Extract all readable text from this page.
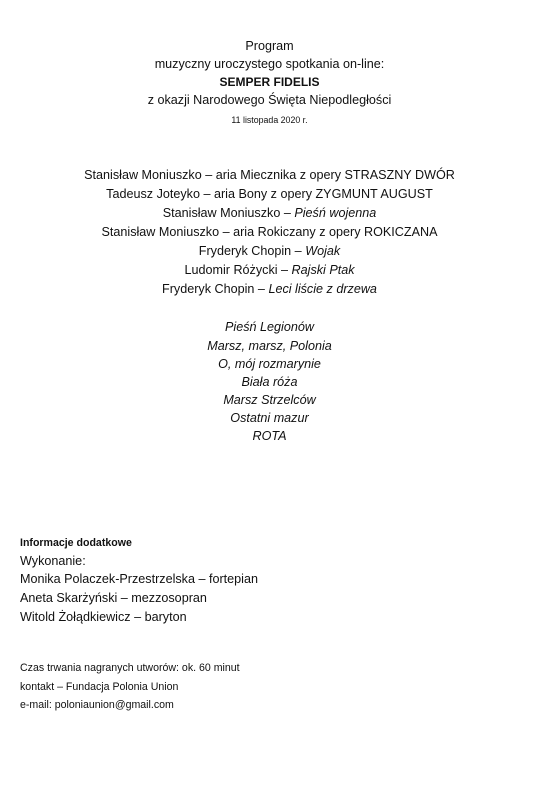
Program
muzyczny uroczystego spotkania on-line:
SEMPER FIDELIS
z okazji Narodowego Święta Niepodległości
11 listopada 2020 r.
Stanisław Moniuszko – aria Miecznika z opery STRASZNY DWÓR
Tadeusz Joteyko – aria Bony z opery ZYGMUNT AUGUST
Stanisław Moniuszko – Pieśń wojenna
Stanisław Moniuszko – aria Rokiczany z opery ROKICZANA
Fryderyk Chopin – Wojak
Ludomir Różycki – Rajski Ptak
Fryderyk Chopin – Leci liście z drzewa
Pieśń Legionów
Marsz, marsz, Polonia
O, mój rozmarynie
Biała róża
Marsz Strzelców
Ostatni mazur
ROTA
Informacje dodatkowe
Wykonanie:
Monika Polaczek-Przestrzelska – fortepian
Aneta Skarżyński – mezzosopran
Witold Żołądkiewicz – baryton
Czas trwania nagranych utworów: ok. 60 minut
kontakt – Fundacja Polonia Union
e-mail: poloniaunion@gmail.com
